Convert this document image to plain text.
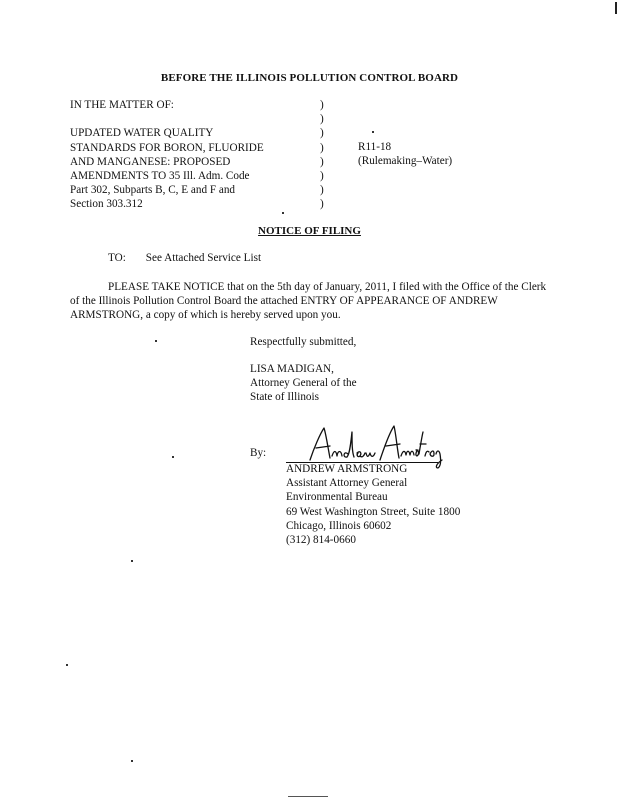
BEFORE THE ILLINOIS POLLUTION CONTROL BOARD
IN THE MATTER OF:
UPDATED WATER QUALITY
STANDARDS FOR BORON, FLUORIDE
AND MANGANESE: PROPOSED
AMENDMENTS TO 35 Ill. Adm. Code
Part 302, Subparts B, C, E and F and
Section 303.312
)
)
)
)
)
)
)
)
R11-18
(Rulemaking–Water)
NOTICE OF FILING
TO: See Attached Service List

PLEASE TAKE NOTICE that on the 5th day of January, 2011, I filed with the Office of the Clerk of the Illinois Pollution Control Board the attached ENTRY OF APPEARANCE OF ANDREW ARMSTRONG, a copy of which is hereby served upon you.

Respectfully submitted,
LISA MADIGAN,
Attorney General of the
State of Illinois
By:
ANDREW ARMSTRONG
Assistant Attorney General
Environmental Bureau
69 West Washington Street, Suite 1800
Chicago, Illinois 60602
(312) 814-0660
